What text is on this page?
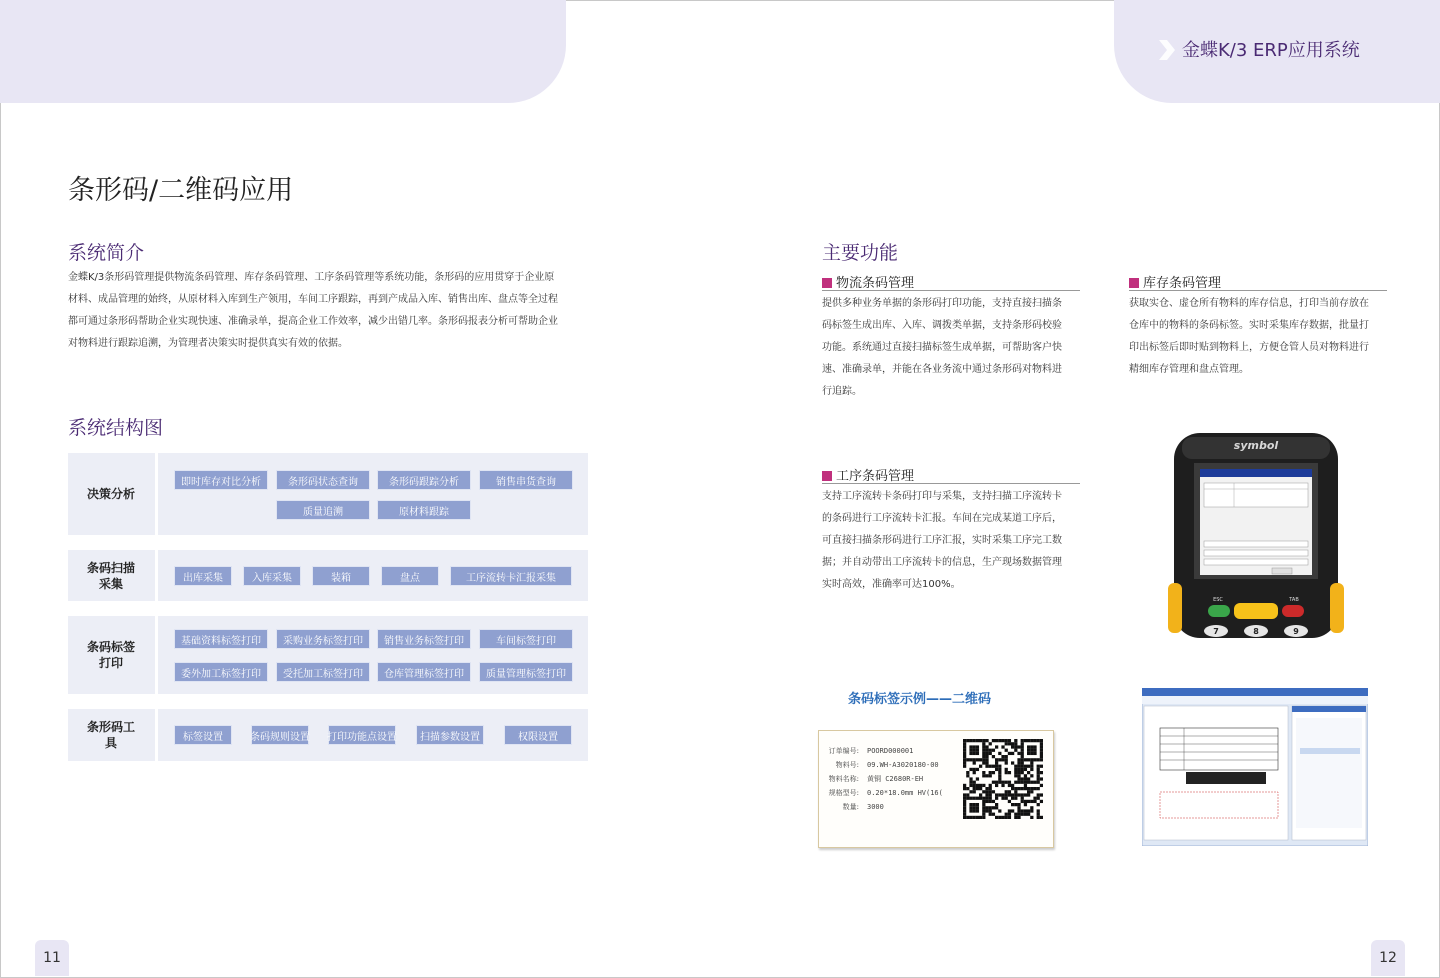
金蝶K/3 ERP应用系统
条形码/二维码应用
系统简介
金蝶K/3条形码管理提供物流条码管理、库存条码管理、工序条码管理等系统功能，条形码的应用贯穿于企业原
材料、成品管理的始终，从原材料入库到生产领用，车间工序跟踪，再到产成品入库、销售出库、盘点等全过程
都可通过条形码帮助企业实现快速、准确录单，提高企业工作效率，减少出错几率。条形码报表分析可帮助企业
对物料进行跟踪追溯，为管理者决策实时提供真实有效的依据。
系统结构图
决策分析
即时库存对比分析	条形码状态查询	条形码跟踪分析	销售串货查询
质量追溯	原材料跟踪
条码扫描采集	出库采集	入库采集	装箱	盘点	工序流转卡汇报采集
条码标签打印
基础资料标签打印	采购业务标签打印	销售业务标签打印	车间标签打印
委外加工标签打印	受托加工标签打印	仓库管理标签打印	质量管理标签打印
条形码工具	标签设置	条码规则设置 打印功能点设置	扫描参数设置	权限设置
主要功能
物流条码管理
提供多种业务单据的条形码打印功能，支持直接扫描条
码标签生成出库、入库、调拨类单据，支持条形码校验
功能。系统通过直接扫描标签生成单据，可帮助客户快
速、准确录单，并能在各业务流中通过条形码对物料进
行追踪。
库存条码管理
获取实仓、虚仓所有物料的库存信息，打印当前存放在
仓库中的物料的条码标签。实时采集库存数据，批量打
印出标签后即时贴到物料上，方便仓管人员对物料进行
精细库存管理和盘点管理。
工序条码管理
支持工序流转卡条码打印与采集，支持扫描工序流转卡
的条码进行工序流转卡汇报。车间在完成某道工序后，
可直接扫描条形码进行工序汇报，实时采集工序完工数
据；并自动带出工序流转卡的信息，生产现场数据管理
实时高效，准确率可达100%。
symbol
ESC	TAB
7	8	9
条码标签示例——二维码
订单编号: POORD000001
物料号: 09.WH-A3020180-00
物料名称: 黄铜 C2680R-EH
规格型号: 0.20*18.0mm HV(16(
数量: 3000
11	12
